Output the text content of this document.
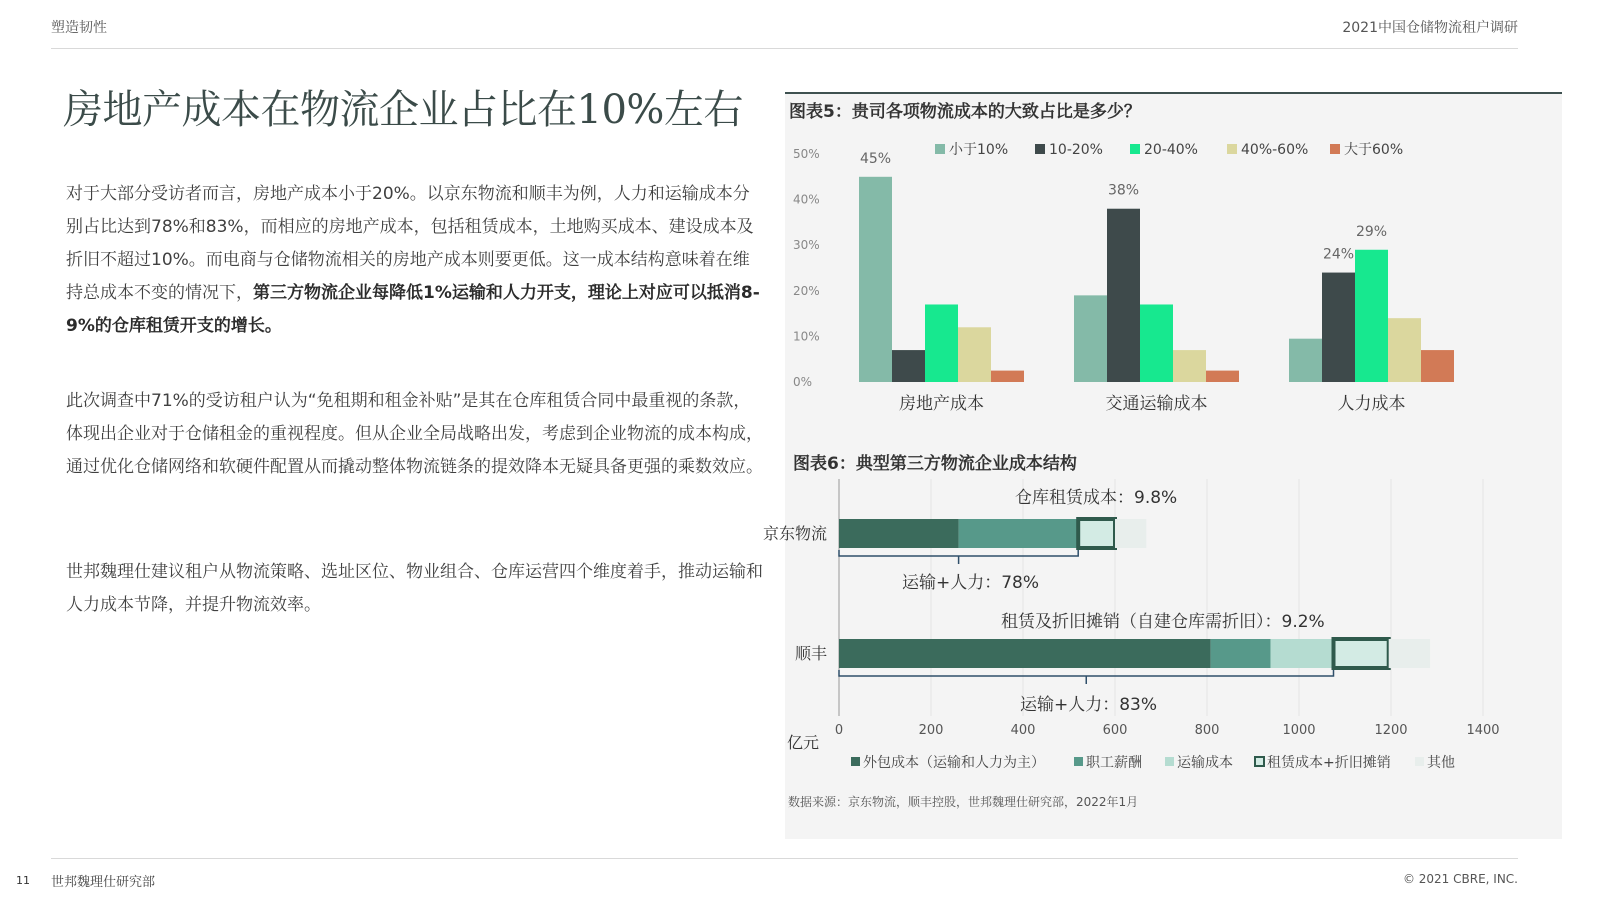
塑造韧性	2021中国仓储物流租户调研
房地产成本在物流企业占比在10%左右

对于大部分受访者而言，房地产成本小于20%。以京东物流和顺丰为例，人力和运输成本分别占比达到78%和83%，而相应的房地产成本，包括租赁成本，土地购买成本、建设成本及折旧不超过10%。而电商与仓储物流相关的房地产成本则要更低。这一成本结构意味着在维持总成本不变的情况下，第三方物流企业每降低1%运输和人力开支，理论上对应可以抵消8-9%的仓库租赁开支的增长。

此次调查中71%的受访租户认为“免租期和租金补贴”是其在仓库租赁合同中最重视的条款，体现出企业对于仓储租金的重视程度。但从企业全局战略出发，考虑到企业物流的成本构成，通过优化仓储网络和软硬件配置从而撬动整体物流链条的提效降本无疑具备更强的乘数效应。

世邦魏理仕建议租户从物流策略、选址区位、物业组合、仓库运营四个维度着手，推动运输和人力成本节降，并提升物流效率。

图表5：贵司各项物流成本的大致占比是多少？
0%
10%
20%
30%
40%
50%	小于10%	10-20%	20-40%	40%-60%	大于60%
房地产成本	交通运输成本	人力成本
45%
38%
24%
29%
图表6：典型第三方物流企业成本结构
0	200	400	600	800	1000	1200	1400
京东物流
顺丰
仓库租赁成本：9.8%
运输+人力：78%
租赁及折旧摊销（自建仓库需折旧）：9.2%
运输+人力：83%
亿元
外包成本（运输和人力为主）	职工薪酬	运输成本 租赁成本+折旧摊销	其他
数据来源：京东物流，顺丰控股，世邦魏理仕研究部，2022年1月
11 世邦魏理仕研究部	© 2021 CBRE, INC.
